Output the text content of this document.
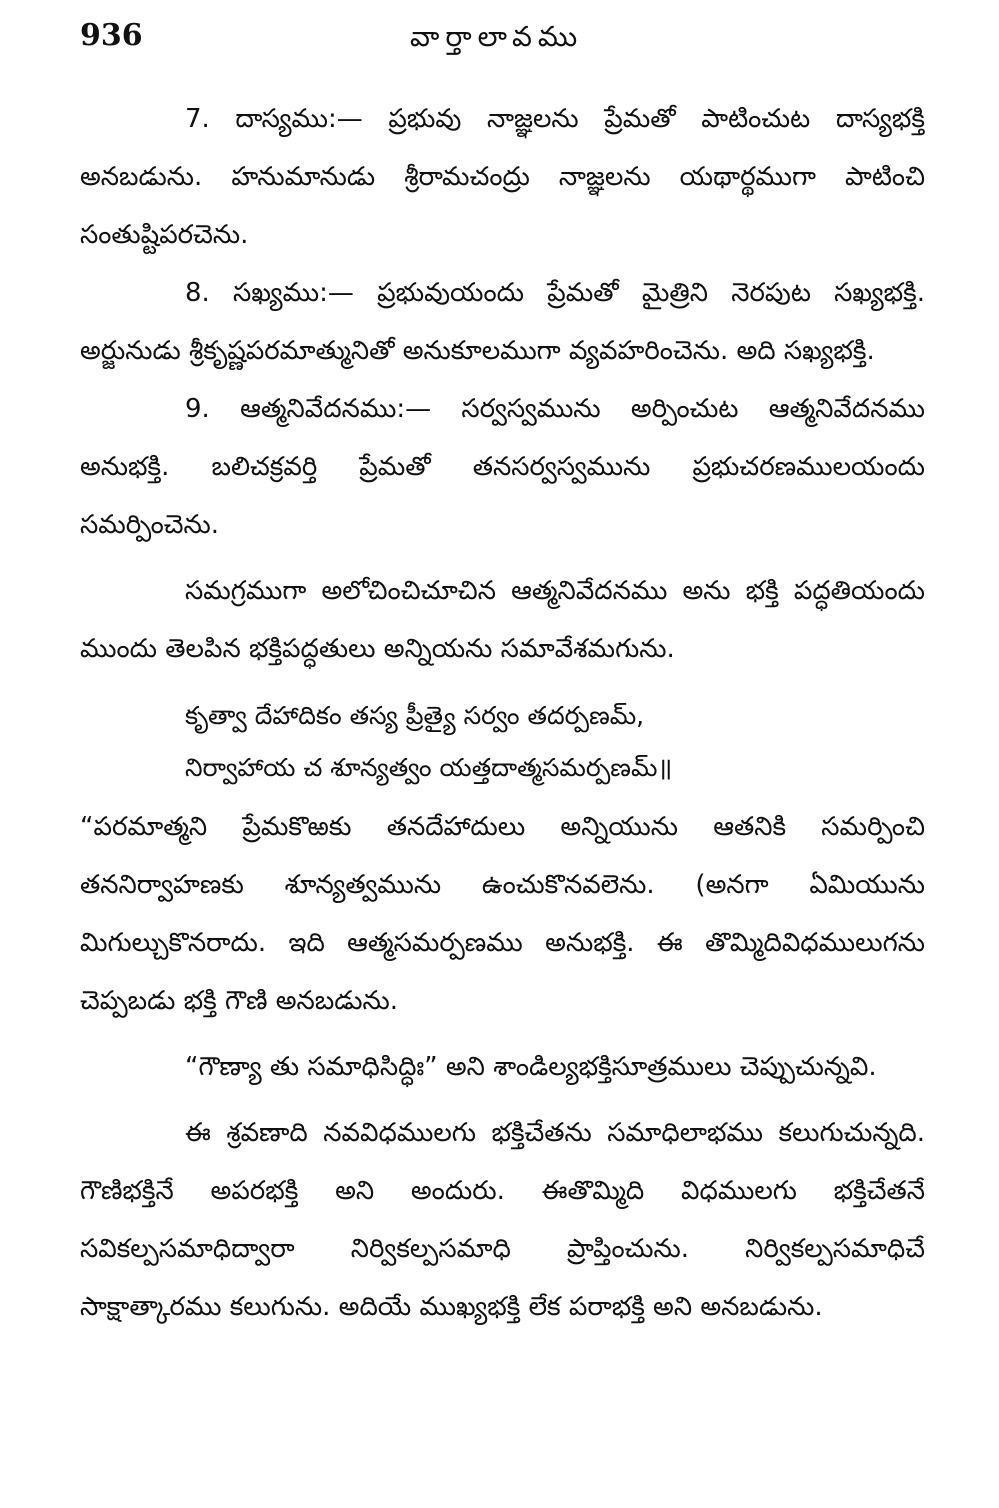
936	వార్తాలావము

7. దాస్యము:— ప్రభువు నాజ్ఞలను ప్రేమతో పాటించుట దాస్యభక్తి అనబడును. హనుమానుడు శ్రీరామచంద్రు నాజ్ఞలను యథార్థముగా పాటించి సంతుష్టిపరచెను.

8. సఖ్యము:— ప్రభువుయందు ప్రేమతో మైత్రిని నెరపుట సఖ్యభక్తి. అర్జునుడు శ్రీకృష్ణపరమాత్మునితో అనుకూలముగా వ్యవహరించెను. అది సఖ్యభక్తి.

9. ఆత్మనివేదనము:— సర్వస్వమును అర్పించుట ఆత్మనివేదనము అనుభక్తి. బలిచక్రవర్తి ప్రేమతో తనసర్వస్వమును ప్రభుచరణములయందు సమర్పించెను.

సమగ్రముగా అలోచించిచూచిన ఆత్మనివేదనము అను భక్తి పద్ధతియందు ముందు తెలపిన భక్తిపద్ధతులు అన్నియను సమావేశమగును.

కృత్వా దేహాదికం తస్య ప్రీత్యై సర్వం తదర్పణమ్,
నిర్వాహాయ చ శూన్యత్వం యత్తదాత్మసమర్పణమ్॥

“పరమాత్మని ప్రేమకొఱకు తనదేహాదులు అన్నియును ఆతనికి సమర్పించి తననిర్వాహణకు శూన్యత్వమును ఉంచుకొనవలెను. (అనగా ఏమియును మిగుల్చుకొనరాదు. ఇది ఆత్మసమర్పణము అనుభక్తి. ఈ తొమ్మిదివిధములుగను చెప్పబడు భక్తి గౌణి అనబడును.

“గౌణ్యా తు సమాధిసిద్ధిః” అని శాండిల్యభక్తిసూత్రములు చెప్పుచున్నవి.

ఈ శ్రవణాది నవవిధములగు భక్తిచేతను సమాధిలాభము కలుగుచున్నది. గౌణిభక్తినే అపరభక్తి అని అందురు. ఈతొమ్మిది విధములగు భక్తిచేతనే సవికల్పసమాధిద్వారా నిర్వికల్పసమాధి ప్రాప్తించును. నిర్వికల్పసమాధిచే సాక్షాత్కారము కలుగును. అదియే ముఖ్యభక్తి లేక పరాభక్తి అని అనబడును.
